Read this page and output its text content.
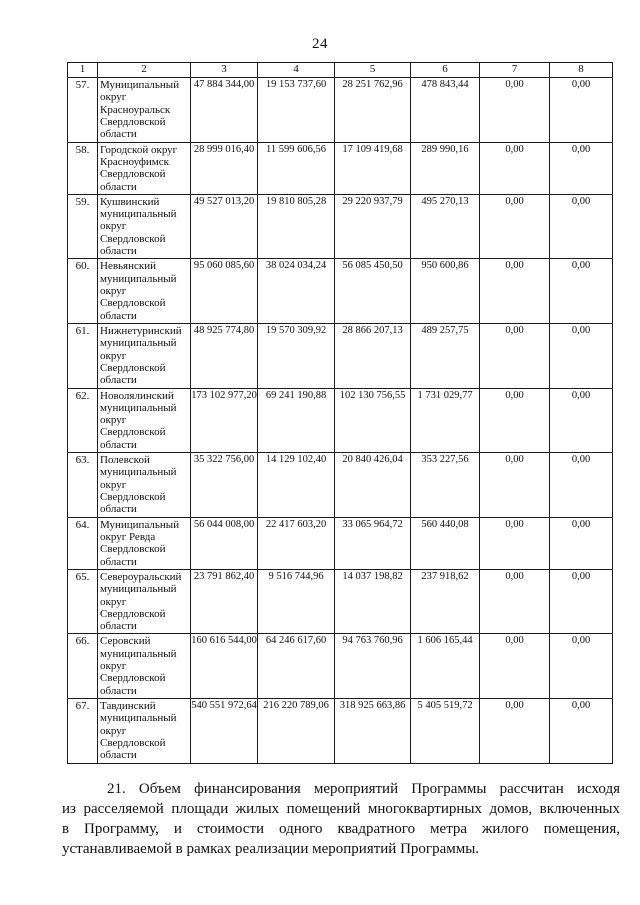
24
1	2	3	4	5	6	7	8
57.	Муниципальный округ Красноуральск Свердловской области	47 884 344,00	19 153 737,60	28 251 762,96	478 843,44	0,00	0,00
58.	Городской округ Красноуфимск Свердловской области	28 999 016,40	11 599 606,56	17 109 419,68	289 990,16	0,00	0,00
59.	Кушвинский муниципальный округ Свердловской области	49 527 013,20	19 810 805,28	29 220 937,79	495 270,13	0,00	0,00
60.	Невьянский муниципальный округ Свердловской области	95 060 085,60	38 024 034,24	56 085 450,50	950 600,86	0,00	0,00
61.	Нижнетуринский муниципальный округ Свердловской области	48 925 774,80	19 570 309,92	28 866 207,13	489 257,75	0,00	0,00
62.	Новолялинский муниципальный округ Свердловской области	173 102 977,20	69 241 190,88	102 130 756,55	1 731 029,77	0,00	0,00
63.	Полевской муниципальный округ Свердловской области	35 322 756,00	14 129 102,40	20 840 426,04	353 227,56	0,00	0,00
64.	Муниципальный округ Ревда Свердловской области	56 044 008,00	22 417 603,20	33 065 964,72	560 440,08	0,00	0,00
65.	Североуральский муниципальный округ Свердловской области	23 791 862,40	9 516 744,96	14 037 198,82	237 918,62	0,00	0,00
66.	Серовский муниципальный округ Свердловской области	160 616 544,00	64 246 617,60	94 763 760,96	1 606 165,44	0,00	0,00
67.	Тавдинский муниципальный округ Свердловской области	540 551 972,64	216 220 789,06	318 925 663,86	5 405 519,72	0,00	0,00
21. Объем финансирования мероприятий Программы рассчитан исходя
из расселяемой площади жилых помещений многоквартирных домов, включенных
в Программу, и стоимости одного квадратного метра жилого помещения,
устанавливаемой в рамках реализации мероприятий Программы.
